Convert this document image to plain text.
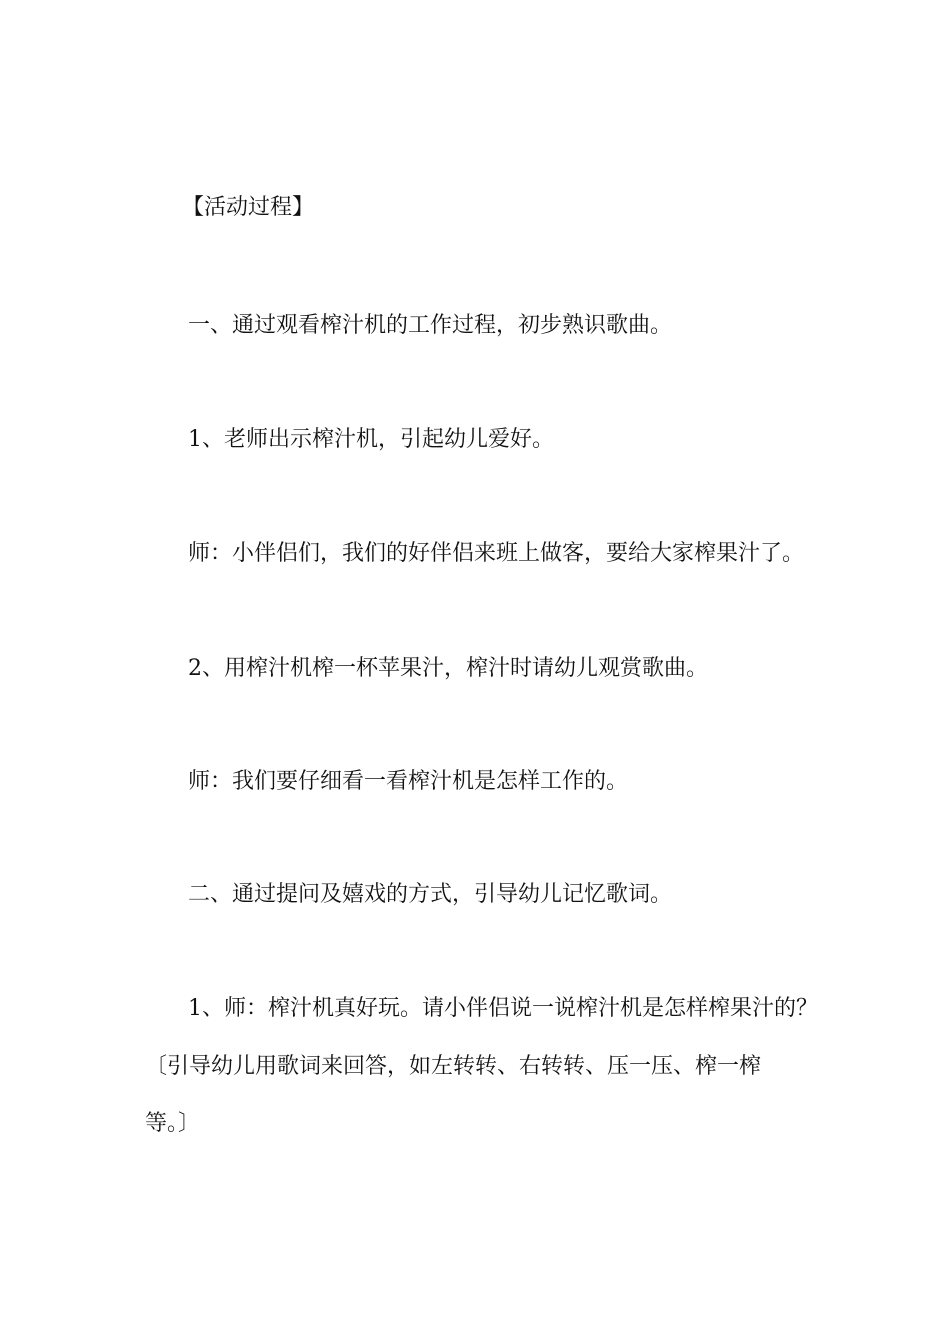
【活动过程】

一、通过观看榨汁机的工作过程，初步熟识歌曲。

1、老师出示榨汁机，引起幼儿爱好。

师：小伴侣们，我们的好伴侣来班上做客，要给大家榨果汁了。

2、用榨汁机榨一杯苹果汁，榨汁时请幼儿观赏歌曲。

师：我们要仔细看一看榨汁机是怎样工作的。

二、通过提问及嬉戏的方式，引导幼儿记忆歌词。

1、师：榨汁机真好玩。请小伴侣说一说榨汁机是怎样榨果汁的？

〔引导幼儿用歌词来回答，如左转转、右转转、压一压、榨一榨

等。〕
